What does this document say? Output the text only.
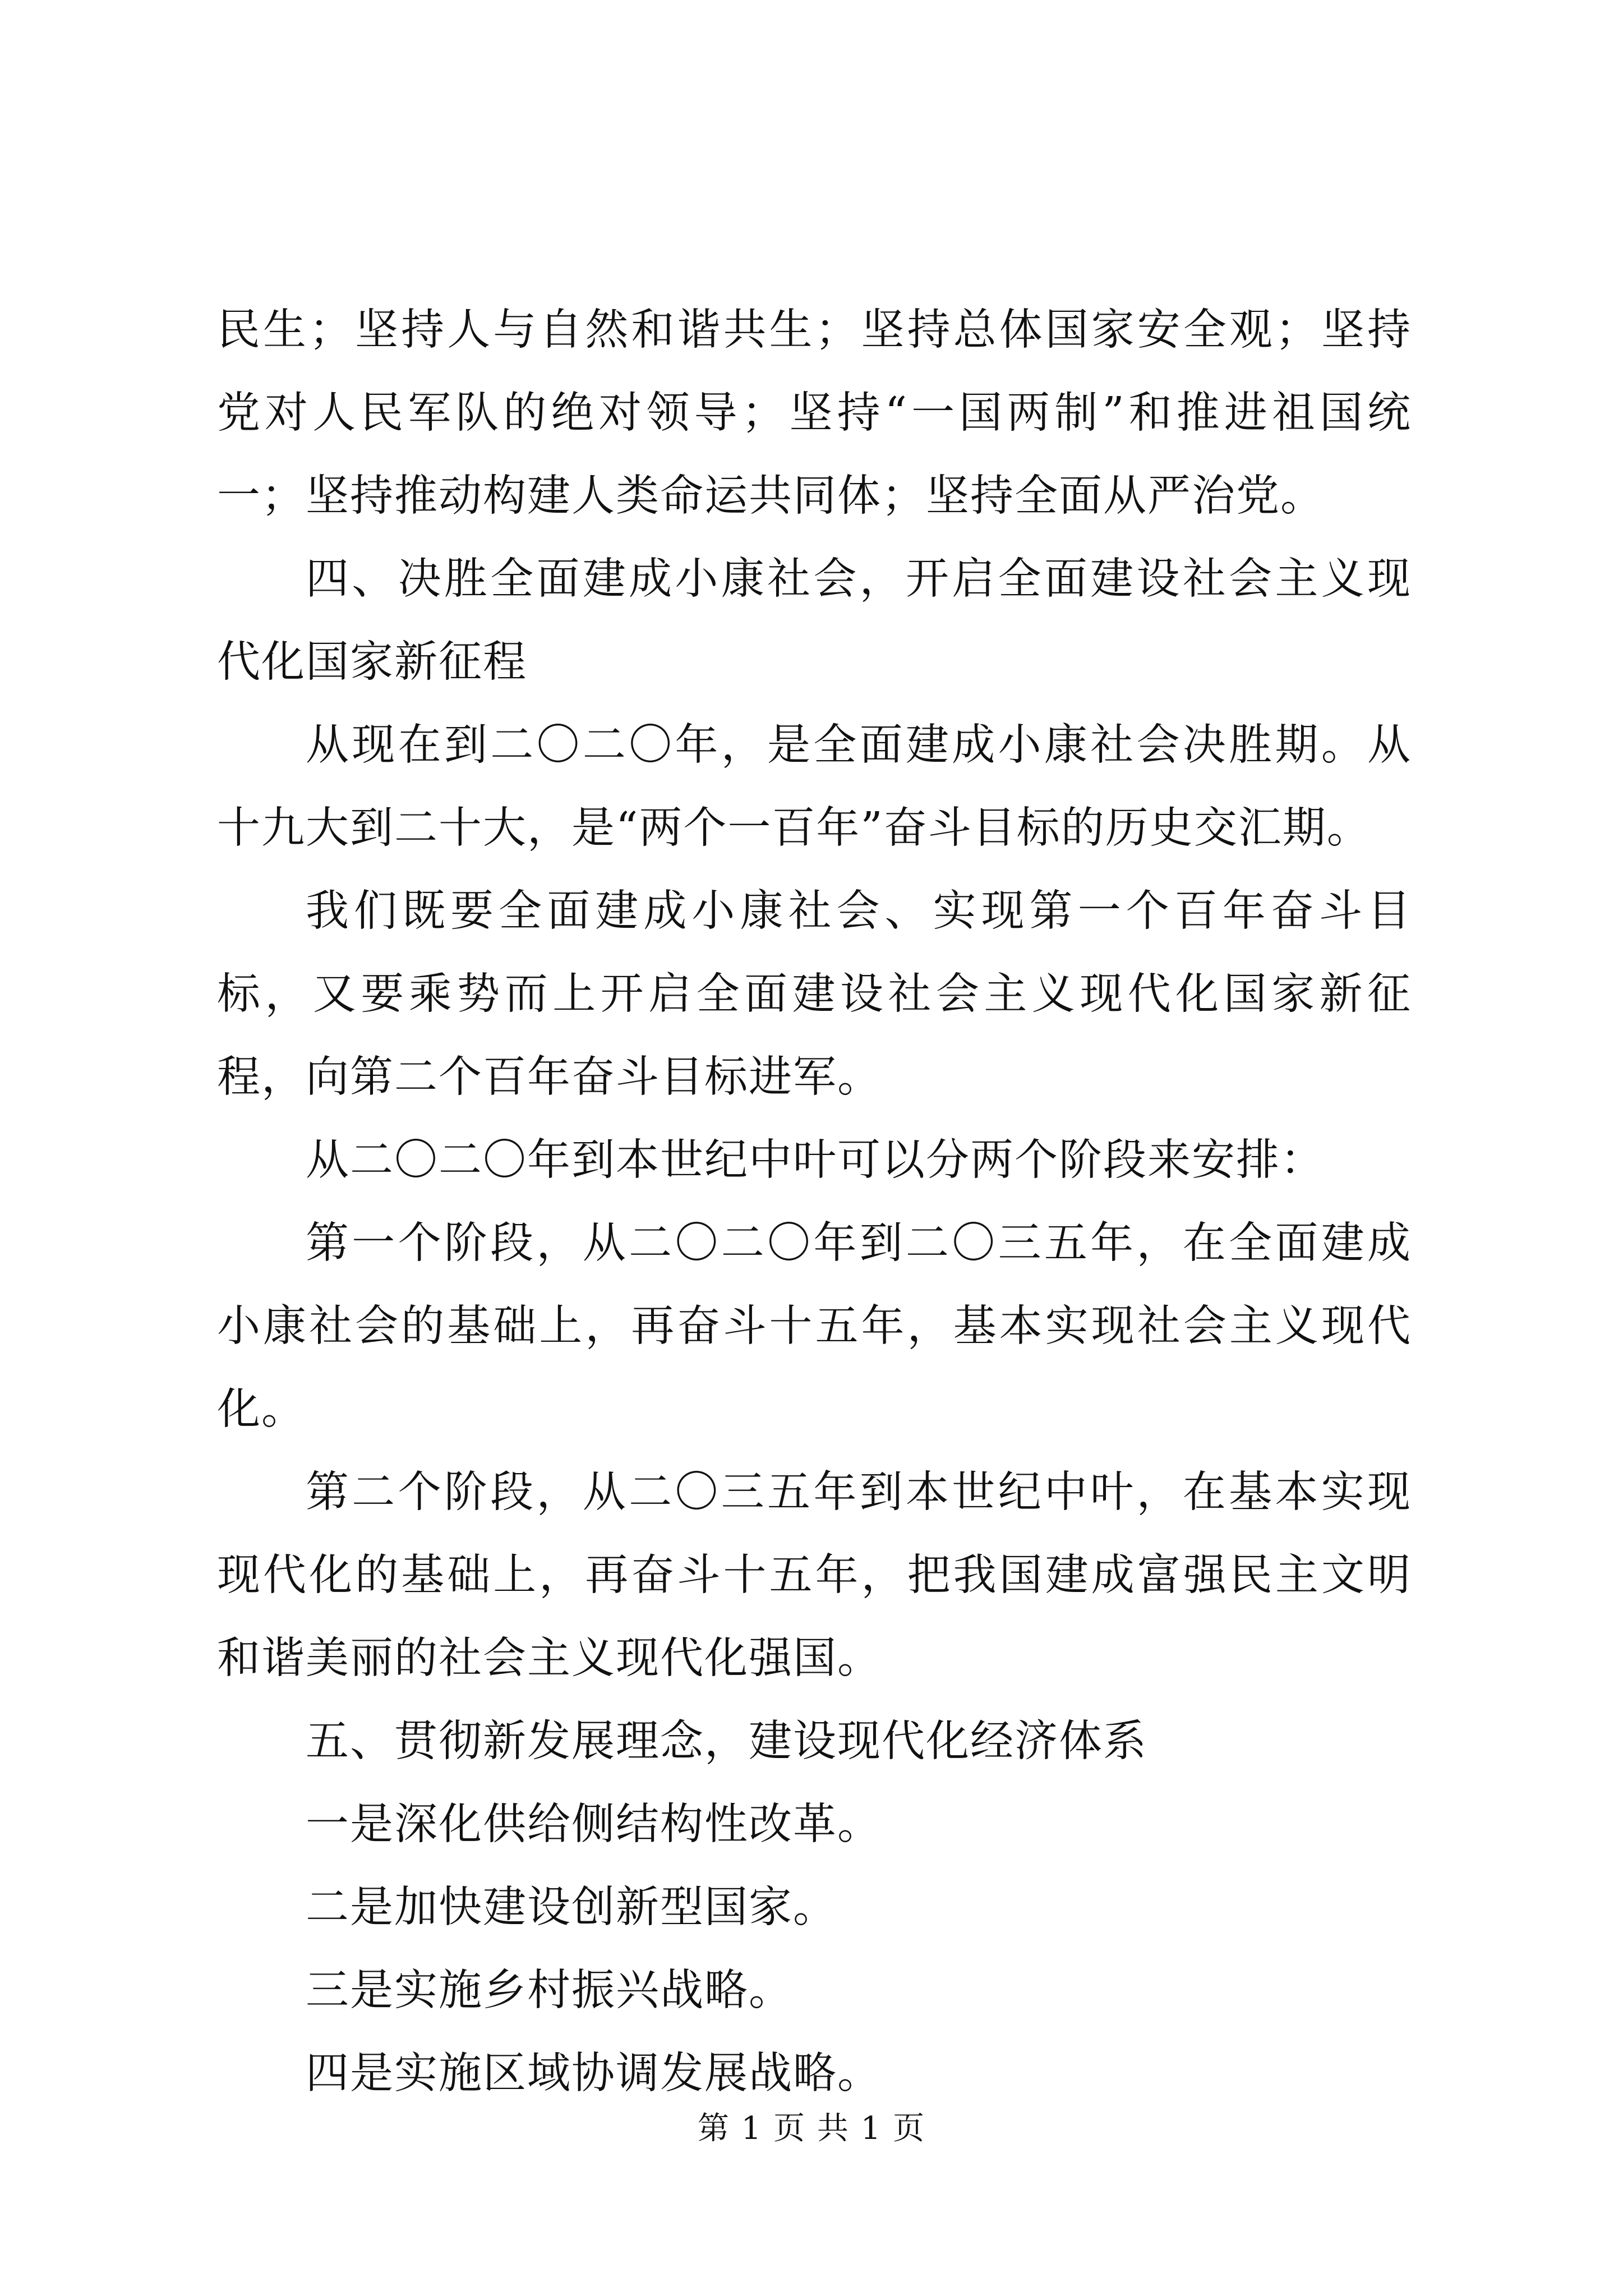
民生；坚持人与自然和谐共生；坚持总体国家安全观；坚持党对人民军队的绝对领导；坚持“一国两制”和推进祖国统一；坚持推动构建人类命运共同体；坚持全面从严治党。

四、决胜全面建成小康社会，开启全面建设社会主义现代化国家新征程

从现在到二〇二〇年，是全面建成小康社会决胜期。从十九大到二十大，是“两个一百年”奋斗目标的历史交汇期。

我们既要全面建成小康社会、实现第一个百年奋斗目标，又要乘势而上开启全面建设社会主义现代化国家新征程，向第二个百年奋斗目标进军。

从二〇二〇年到本世纪中叶可以分两个阶段来安排：

第一个阶段，从二〇二〇年到二〇三五年，在全面建成小康社会的基础上，再奋斗十五年，基本实现社会主义现代化。

第二个阶段，从二〇三五年到本世纪中叶，在基本实现现代化的基础上，再奋斗十五年，把我国建成富强民主文明和谐美丽的社会主义现代化强国。

五、贯彻新发展理念，建设现代化经济体系

一是深化供给侧结构性改革。

二是加快建设创新型国家。

三是实施乡村振兴战略。

四是实施区域协调发展战略。

第 1 页 共 1 页
